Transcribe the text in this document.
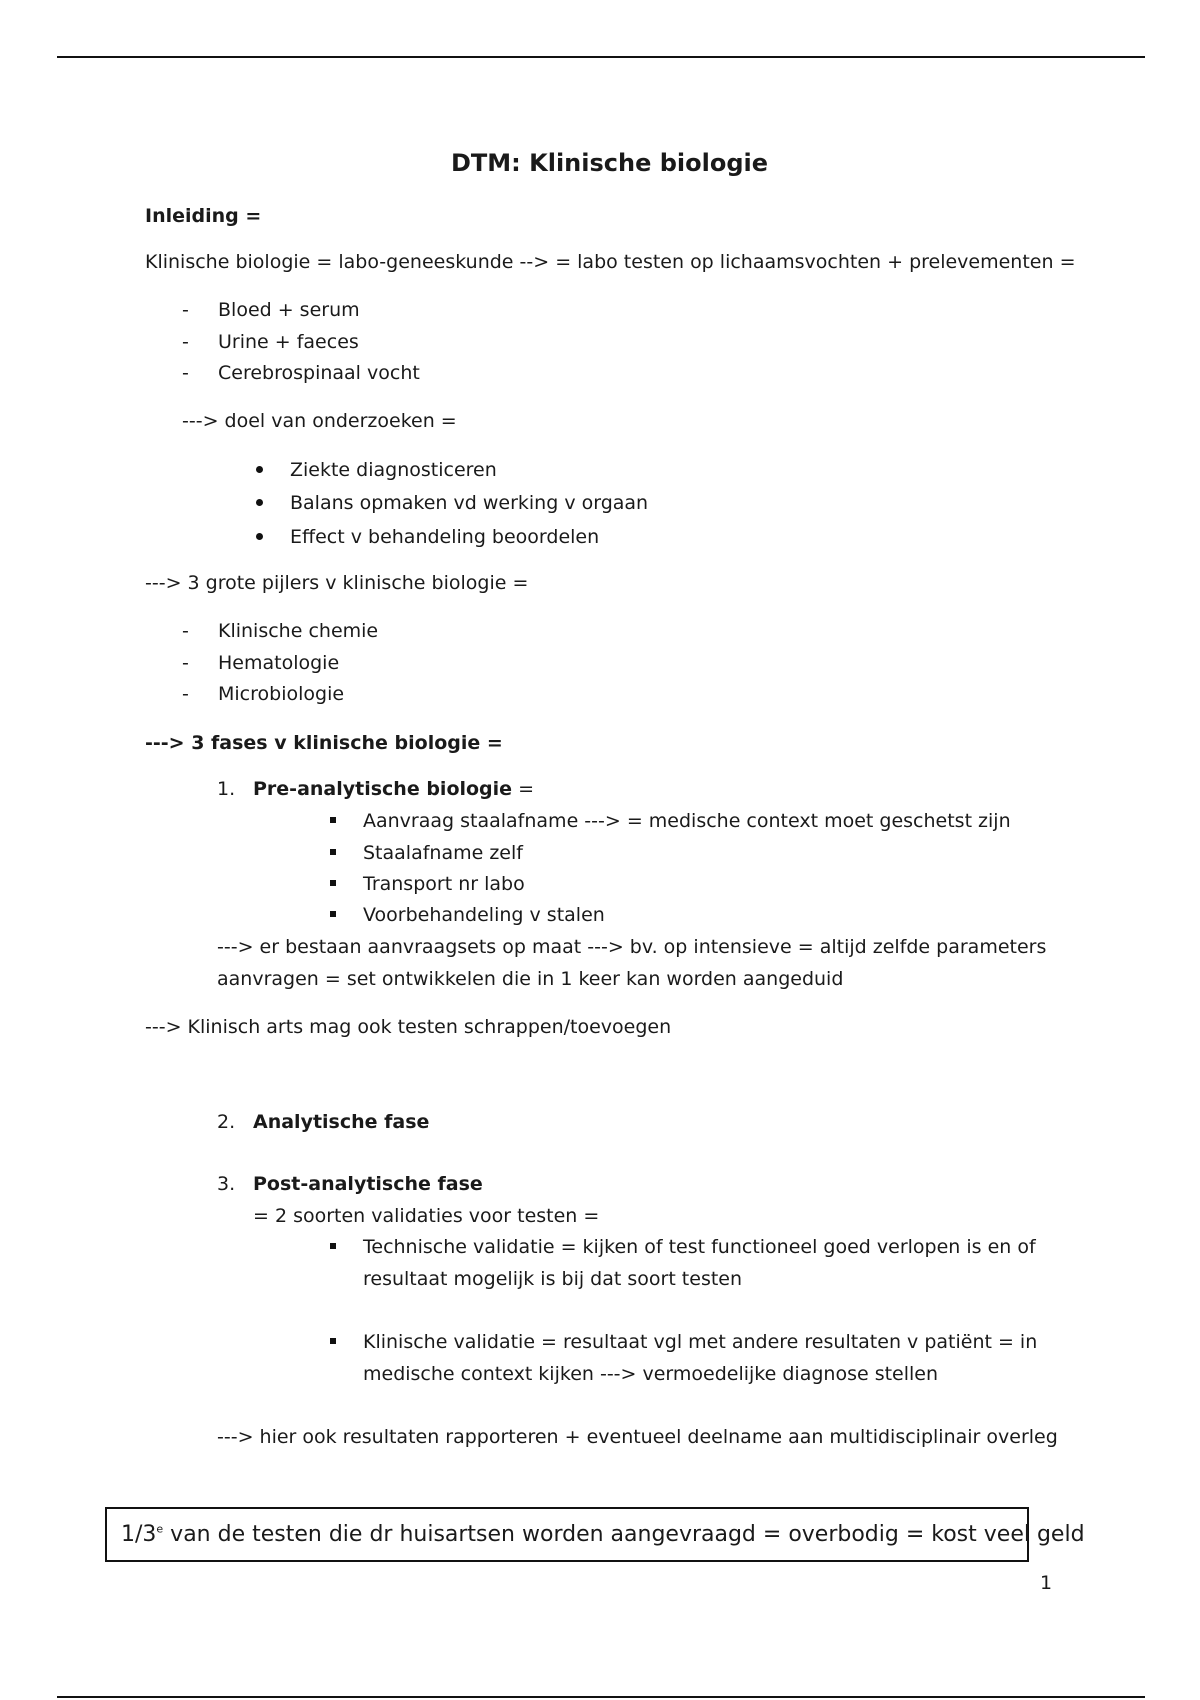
DTM: Klinische biologie
Inleiding =
Klinische biologie = labo-geneeskunde --> = labo testen op lichaamsvochten + prelevementen =
- Bloed + serum
- Urine + faeces
- Cerebrospinaal vocht
---> doel van onderzoeken =
Ziekte diagnosticeren
Balans opmaken vd werking v orgaan
Effect v behandeling beoordelen
---> 3 grote pijlers v klinische biologie =
- Klinische chemie
- Hematologie
- Microbiologie
---> 3 fases v klinische biologie =
1. Pre-analytische biologie =
Aanvraag staalafname ---> = medische context moet geschetst zijn
Staalafname zelf
Transport nr labo
Voorbehandeling v stalen
---> er bestaan aanvraagsets op maat ---> bv. op intensieve = altijd zelfde parameters
aanvragen = set ontwikkelen die in 1 keer kan worden aangeduid
---> Klinisch arts mag ook testen schrappen/toevoegen
2. Analytische fase
3. Post-analytische fase
= 2 soorten validaties voor testen =
Technische validatie = kijken of test functioneel goed verlopen is en of
resultaat mogelijk is bij dat soort testen
Klinische validatie = resultaat vgl met andere resultaten v patiënt = in
medische context kijken ---> vermoedelijke diagnose stellen
---> hier ook resultaten rapporteren + eventueel deelname aan multidisciplinair overleg
1/3e van de testen die dr huisartsen worden aangevraagd = overbodig = kost veel geld
1
